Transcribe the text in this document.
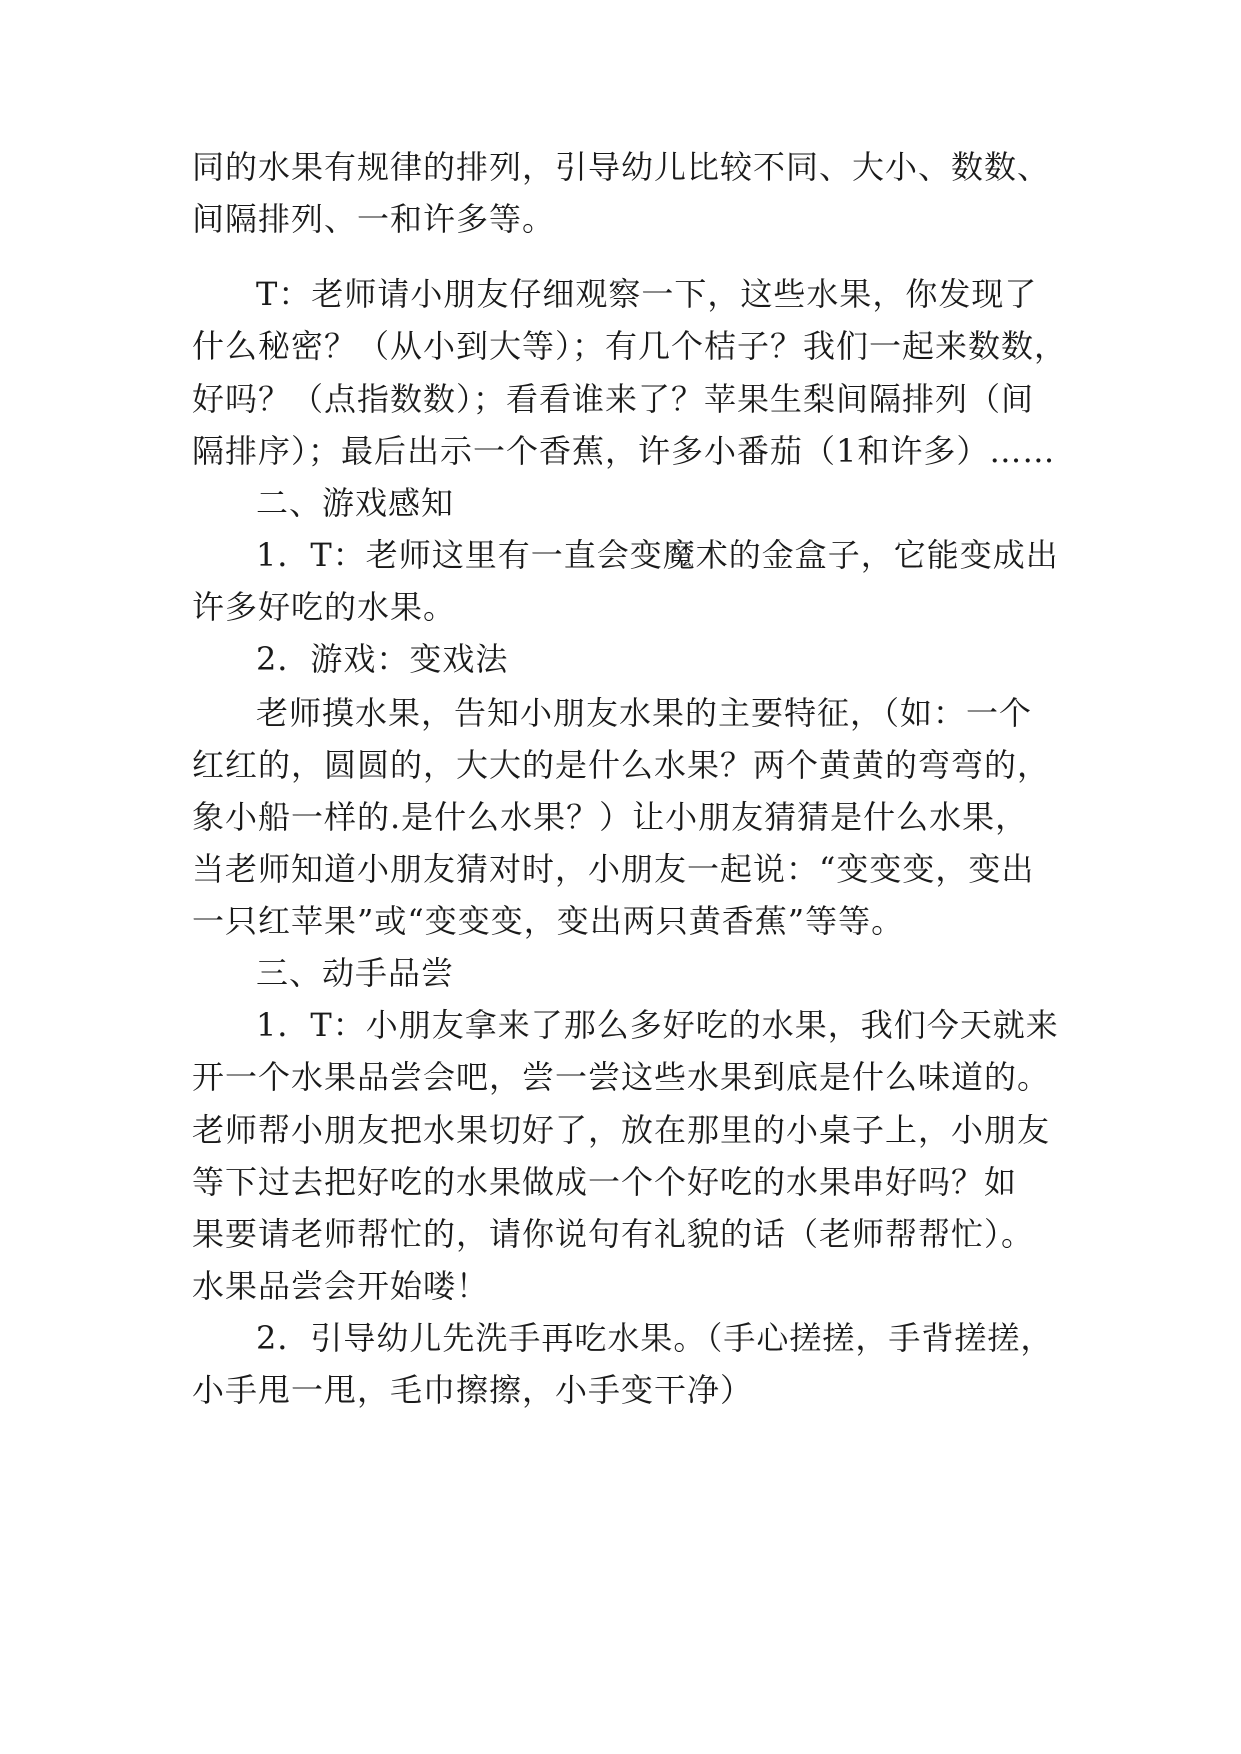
同的水果有规律的排列，引导幼儿比较不同、大小、数数、
间隔排列、一和许多等。
T：老师请小朋友仔细观察一下，这些水果，你发现了
什么秘密？（从小到大等）；有几个桔子？我们一起来数数，
好吗？（点指数数）；看看谁来了？苹果生梨间隔排列（间
隔排序）；最后出示一个香蕉，许多小番茄（1和许多）……
二、游戏感知
1．T：老师这里有一直会变魔术的金盒子，它能变成出
许多好吃的水果。
2．游戏：变戏法
老师摸水果，告知小朋友水果的主要特征，（如：一个
红红的，圆圆的，大大的是什么水果？两个黄黄的弯弯的，
象小船一样的.是什么水果？）让小朋友猜猜是什么水果，
当老师知道小朋友猜对时，小朋友一起说：“变变变，变出
一只红苹果”或“变变变，变出两只黄香蕉”等等。
三、动手品尝
1．T：小朋友拿来了那么多好吃的水果，我们今天就来
开一个水果品尝会吧，尝一尝这些水果到底是什么味道的。
老师帮小朋友把水果切好了，放在那里的小桌子上，小朋友
等下过去把好吃的水果做成一个个好吃的水果串好吗？如
果要请老师帮忙的，请你说句有礼貌的话（老师帮帮忙）。
水果品尝会开始喽！
2．引导幼儿先洗手再吃水果。（手心搓搓，手背搓搓，
小手甩一甩，毛巾擦擦，小手变干净）
